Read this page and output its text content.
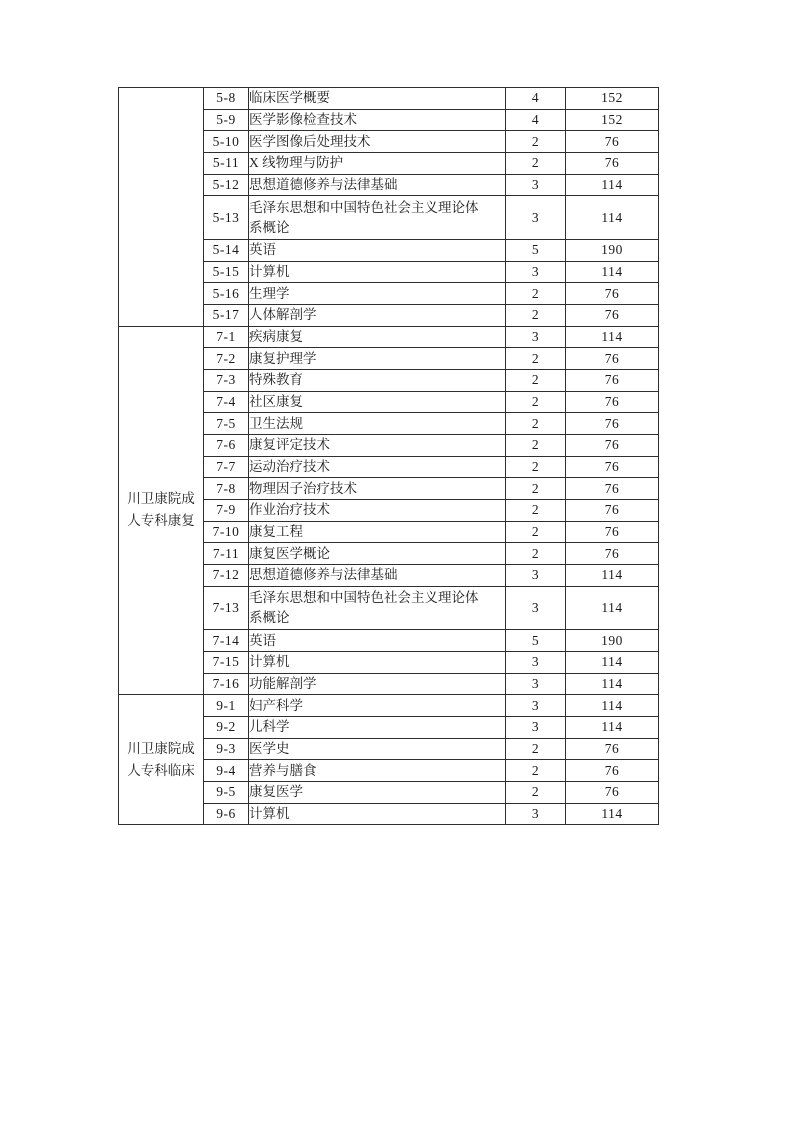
	5-8	临床医学概要	4	152
	5-9	医学影像检查技术	4	152
	5-10	医学图像后处理技术	2	76
	5-11	X 线物理与防护	2	76
	5-12	思想道德修养与法律基础	3	114
	5-13	毛泽东思想和中国特色社会主义理论体
系概论	3	114
	5-14	英语	5	190
	5-15	计算机	3	114
	5-16	生理学	2	76
	5-17	人体解剖学	2	76

川卫康院成
人专科康复	7-1	疾病康复	3	114
	7-2	康复护理学	2	76
	7-3	特殊教育	2	76
	7-4	社区康复	2	76
	7-5	卫生法规	2	76
	7-6	康复评定技术	2	76
	7-7	运动治疗技术	2	76
	7-8	物理因子治疗技术	2	76
	7-9	作业治疗技术	2	76
	7-10	康复工程	2	76
	7-11	康复医学概论	2	76
	7-12	思想道德修养与法律基础	3	114
	7-13	毛泽东思想和中国特色社会主义理论体
系概论	3	114
	7-14	英语	5	190
	7-15	计算机	3	114
	7-16	功能解剖学	3	114

川卫康院成
人专科临床	9-1	妇产科学	3	114
	9-2	儿科学	3	114
	9-3	医学史	2	76
	9-4	营养与膳食	2	76
	9-5	康复医学	2	76
	9-6	计算机	3	114
